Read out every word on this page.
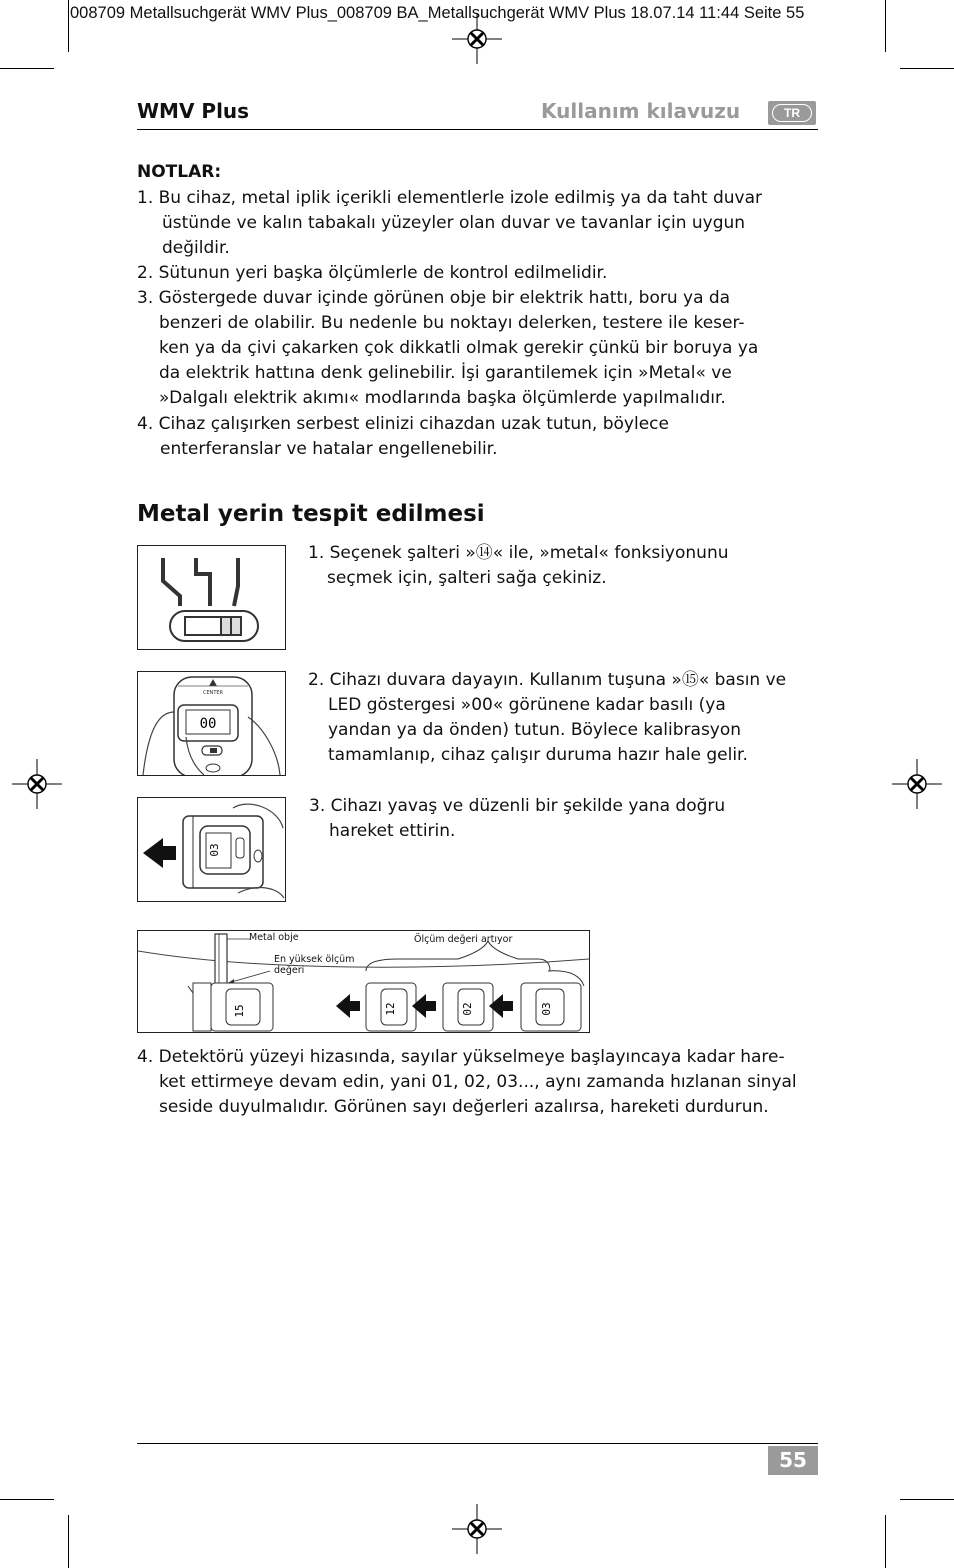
008709 Metallsuchgerät WMV Plus_008709 BA_Metallsuchgerät WMV Plus 18.07.14 11:44 Seite 55
WMV Plus	Kullanım kılavuzu	TR
NOTLAR:
1. Bu cihaz, metal iplik içerikli elementlerle izole edilmiş ya da taht duvar
üstünde ve kalın tabakalı yüzeyler olan duvar ve tavanlar için uygun
değildir.
2. Sütunun yeri başka ölçümlerle de kontrol edilmelidir.
3. Göstergede duvar içinde görünen obje bir elektrik hattı, boru ya da
benzeri de olabilir. Bu nedenle bu noktayı delerken, testere ile keser-
ken ya da çivi çakarken çok dikkatli olmak gerekir çünkü bir boruya ya
da elektrik hattına denk gelinebilir. İşi garantilemek için »Metal« ve
»Dalgalı elektrik akımı« modlarında başka ölçümlerde yapılmalıdır.
4. Cihaz çalışırken serbest elinizi cihazdan uzak tutun, böylece
enterferanslar ve hatalar engellenebilir.
Metal yerin tespit edilmesi
1. Seçenek şalteri »⑭« ile, »metal« fonksiyonunu
seçmek için, şalteri sağa çekiniz.
CENTER
00
2. Cihazı duvara dayayın. Kullanım tuşuna »⑮« basın ve
LED göstergesi »00« görünene kadar basılı (ya
yandan ya da önden) tutun. Böylece kalibrasyon
tamamlanıp, cihaz çalışır duruma hazır hale gelir.
03
3. Cihazı yavaş ve düzenli bir şekilde yana doğru
hareket ettirin.
15	12	02	03
Metal obje
En yüksek ölçüm
değeri
Ölçüm değeri artıyor
4. Detektörü yüzeyi hizasında, sayılar yükselmeye başlayıncaya kadar hare-
ket ettirmeye devam edin, yani 01, 02, 03..., aynı zamanda hızlanan sinyal
seside duyulmalıdır. Görünen sayı değerleri azalırsa, hareketi durdurun.
55
